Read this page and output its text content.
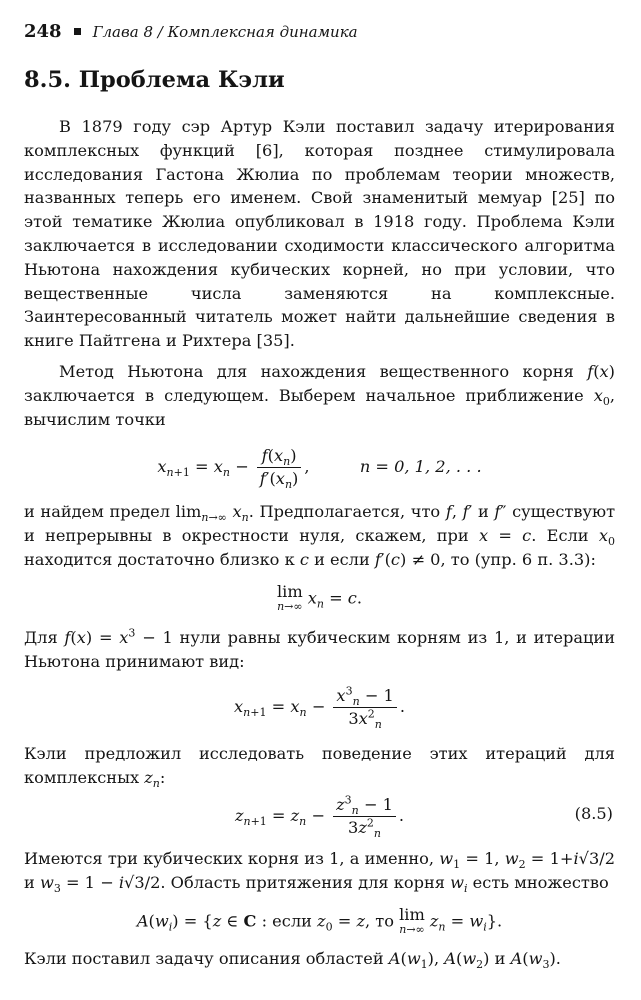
248 Глава 8 / Комплексная динамика
8.5. Проблема Кэли

В 1879 году сэр Артур Кэли поставил задачу итерирования комплексных функций [6], которая позднее стимулировала исследования Гастона Жюлиа по проблемам теории множеств, названных теперь его именем. Свой знаменитый мемуар [25] по этой тематике Жюлиа опубликовал в 1918 году. Проблема Кэли заключается в исследовании сходимости классического алгоритма Ньютона нахождения кубических корней, но при условии, что вещественные числа заменяются на комплексные. Заинтересованный читатель может найти дальнейшие сведения в книге Пайтгена и Рихтера [35].

Метод Ньютона для нахождения вещественного корня f(x) заключается в следующем. Выберем начальное приближение $x_0$, вычислим точки

$x_{n+1} = x_n - \frac{f(x_n)}{f'(x_n)}$ ,	n = 0, 1, 2, . . .

и найдем предел $\lim_{n\to\infty} x_n$. Предполагается, что f, f′ и f″ существуют и непрерывны в окрестности нуля, скажем, при x = c. Если $x_0$ находится достаточно близко к c и если f′(c) ≠ 0, то (упр. 6 п. 3.3):

lim
n→∞ $x_n = c$.

Для $f(x) = x^3 - 1$ нули равны кубическим корням из 1, и итерации Ньютона принимают вид:

$x_{n+1} = x_n - \frac{x^3_n - 1}{3x^2_n}$ .

Кэли предложил исследовать поведение этих итераций для комплексных $z_n$:

$z_{n+1} = z_n - \frac{z^3_n - 1}{3z^2_n}$ .	(8.5)

Имеются три кубических корня из 1, а именно, $w_1 = 1$, $w_2 = 1+i√3/2$ и $w_3 = 1 - i√3/2$. Область притяжения для корня $w_i$ есть множество

$A(w_i) = \{z$ ∈ C : если $z_0 = z$, то lim
n→∞ $z_n = w_i$}.

Кэли поставил задачу описания областей $A(w_1)$, $A(w_2)$ и $A(w_3)$.
